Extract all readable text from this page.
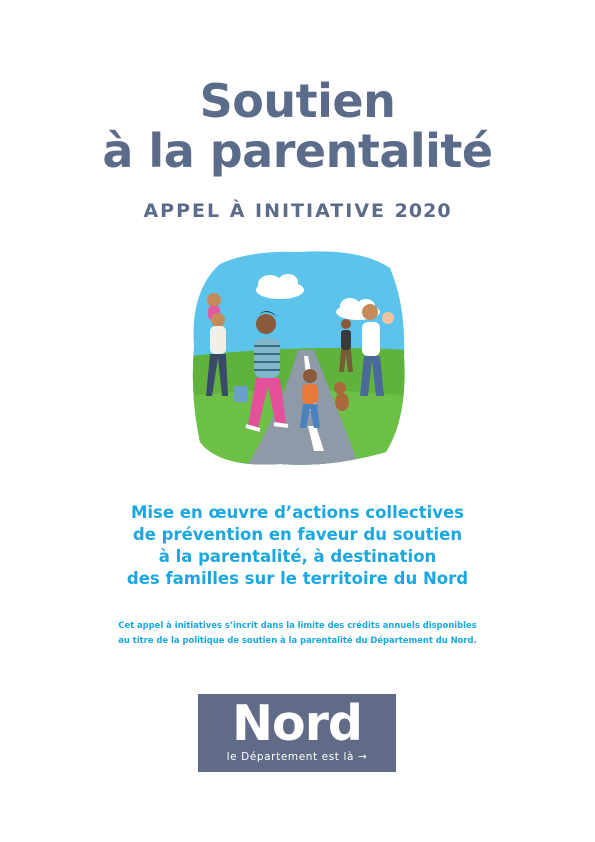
Soutien
à la parentalité
APPEL À INITIATIVE 2020
Mise en œuvre d’actions collectives
de prévention en faveur du soutien
à la parentalité, à destination
des familles sur le territoire du Nord
Cet appel à initiatives s’incrit dans la limite des crédits annuels disponibles
au titre de la politique de soutien à la parentalité du Département du Nord.
Nord
le Département est là →
